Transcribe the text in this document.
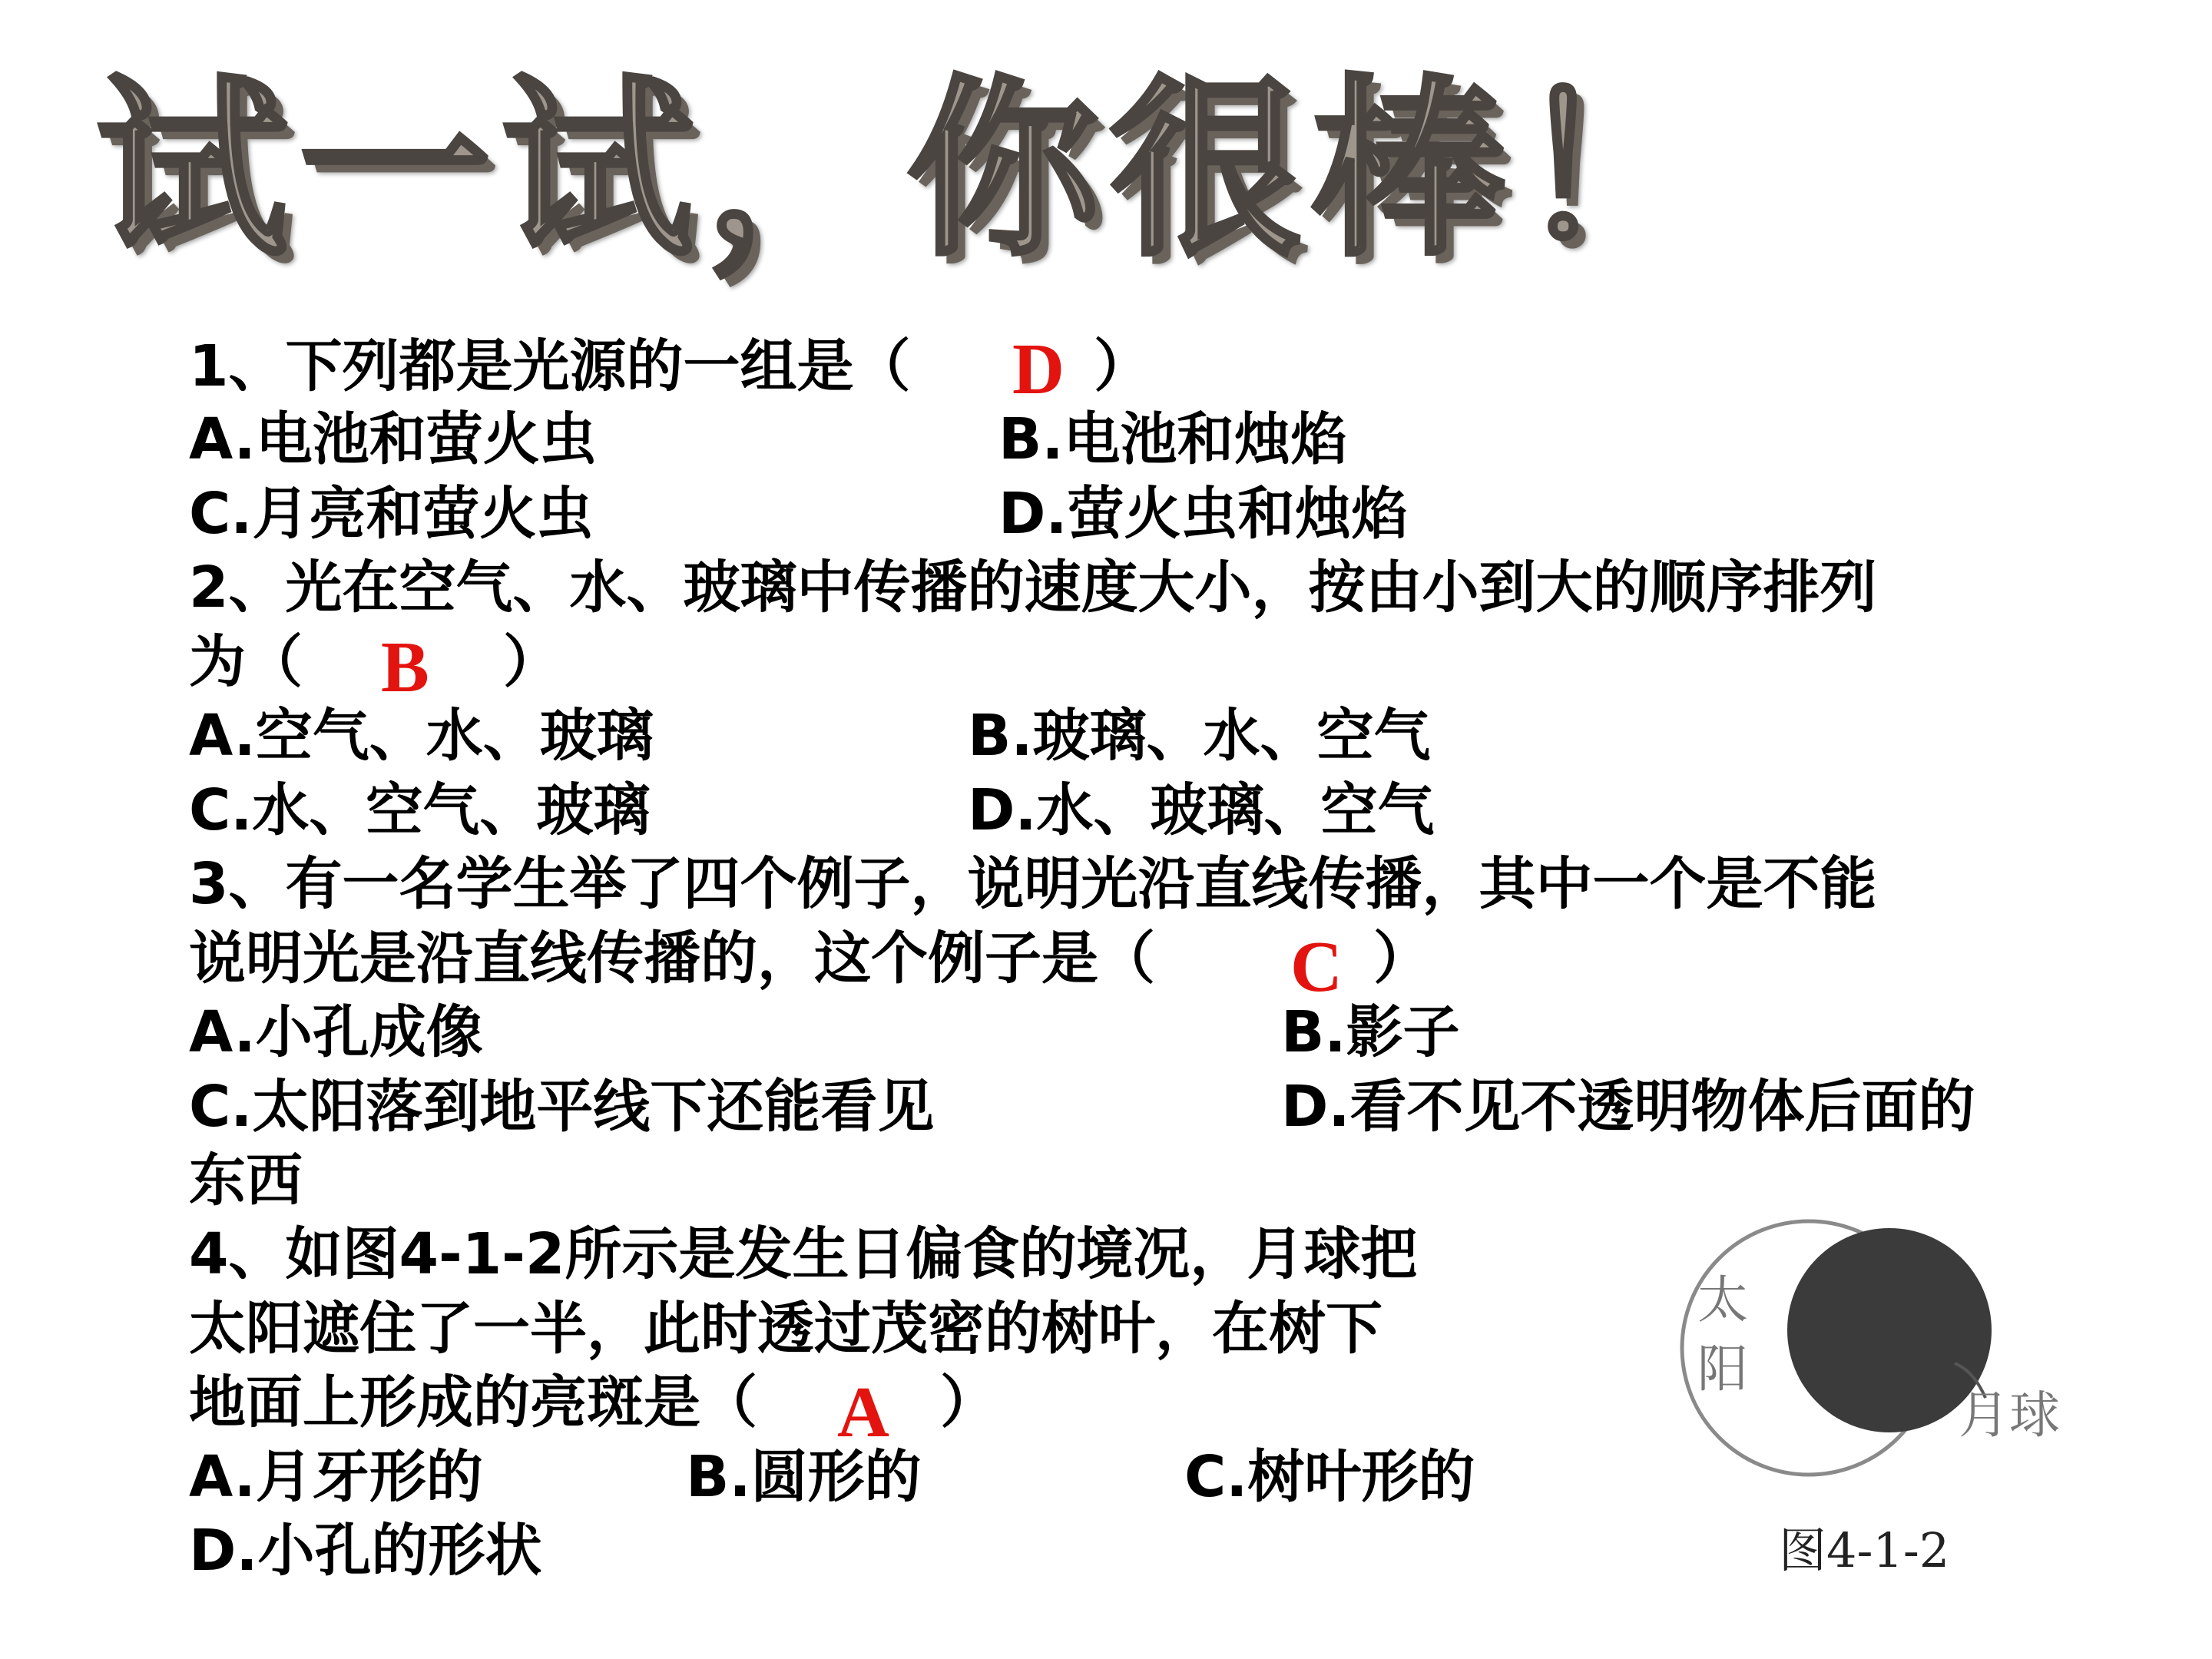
试一试，你很棒！
1、下列都是光源的一组是（ D ）
A.电池和萤火虫	B.电池和烛焰
C.月亮和萤火虫	D.萤火虫和烛焰
2、光在空气、水、玻璃中传播的速度大小，按由小到大的顺序排列
为（ B ）
A.空气、水、玻璃	B.玻璃、水、空气
C.水、空气、玻璃	D.水、玻璃、空气
3、有一名学生举了四个例子，说明光沿直线传播，其中一个是不能
说明光是沿直线传播的，这个例子是（ C ）
A.小孔成像	B.影子
C.太阳落到地平线下还能看见	D.看不见不透明物体后面的
东西
4、如图4-1-2所示是发生日偏食的境况，月球把
太阳遮住了一半，此时透过茂密的树叶，在树下
地面上形成的亮斑是（ A ）
A.月牙形的	B.圆形的	C.树叶形的
D.小孔的形状
太
阳
月球
图4-1-2
